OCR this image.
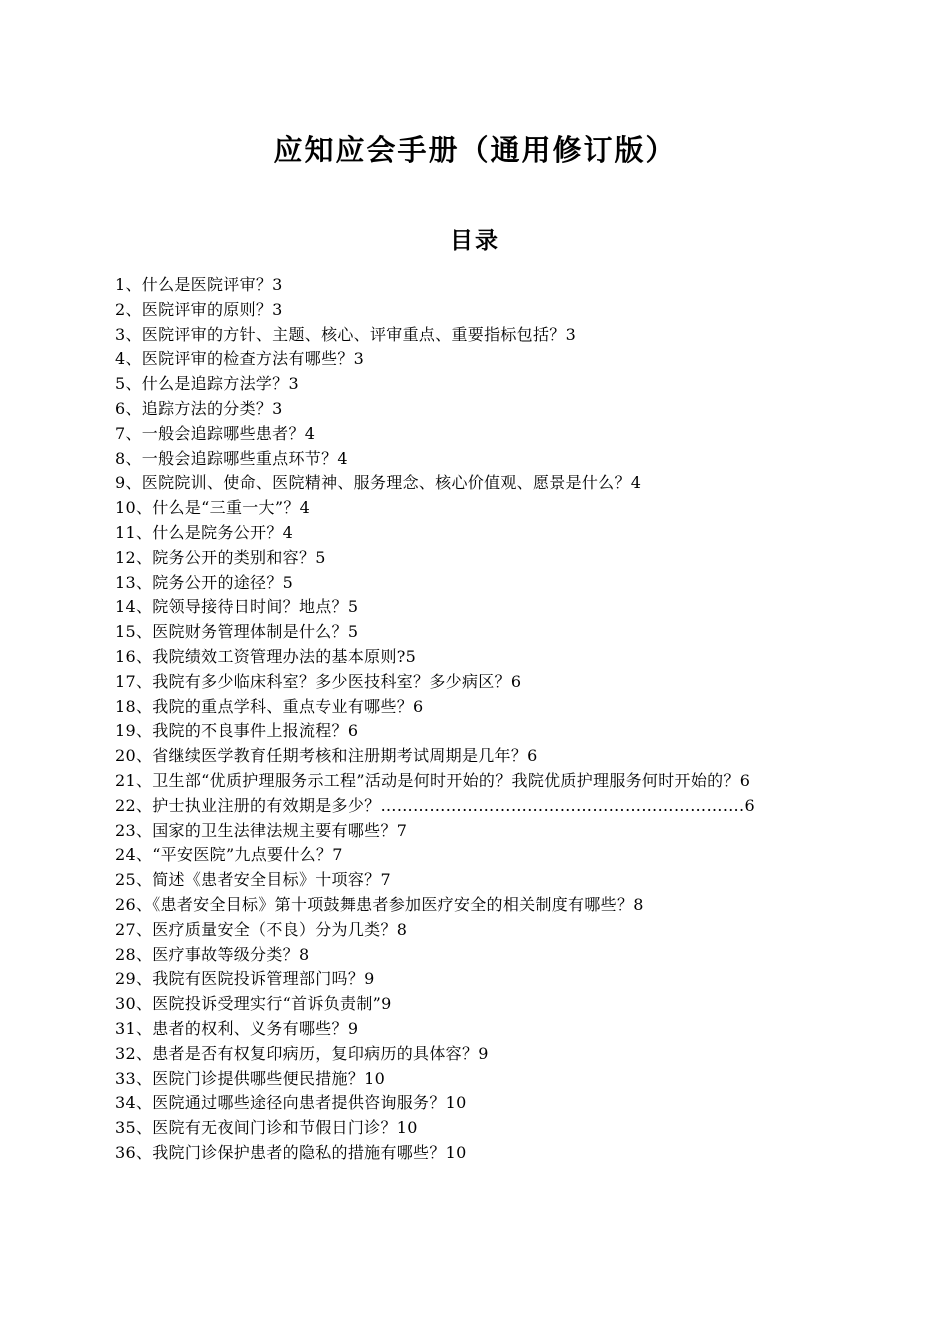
应知应会手册（通用修订版）
目录
1、什么是医院评审？3
2、医院评审的原则？3
3、医院评审的方针、主题、核心、评审重点、重要指标包括？3
4、医院评审的检查方法有哪些？3
5、什么是追踪方法学？3
6、追踪方法的分类？3
7、一般会追踪哪些患者？4
8、一般会追踪哪些重点环节？4
9、医院院训、使命、医院精神、服务理念、核心价值观、愿景是什么？4
10、什么是“三重一大”？4
11、什么是院务公开？4
12、院务公开的类别和容？5
13、院务公开的途径？5
14、院领导接待日时间？地点？5
15、医院财务管理体制是什么？5
16、我院绩效工资管理办法的基本原则?5
17、我院有多少临床科室？多少医技科室？多少病区？6
18、我院的重点学科、重点专业有哪些？6
19、我院的不良事件上报流程？6
20、省继续医学教育任期考核和注册期考试周期是几年？6
21、卫生部“优质护理服务示工程”活动是何时开始的？我院优质护理服务何时开始的？6
22、护士执业注册的有效期是多少？………………………………………………………….6
23、国家的卫生法律法规主要有哪些？7
24、“平安医院”九点要什么？7
25、简述《患者安全目标》十项容？7
26、《患者安全目标》第十项鼓舞患者参加医疗安全的相关制度有哪些？8
27、医疗质量安全（不良）分为几类？8
28、医疗事故等级分类？8
29、我院有医院投诉管理部门吗？9
30、医院投诉受理实行“首诉负责制”9
31、患者的权利、义务有哪些？9
32、患者是否有权复印病历，复印病历的具体容？9
33、医院门诊提供哪些便民措施？10
34、医院通过哪些途径向患者提供咨询服务？10
35、医院有无夜间门诊和节假日门诊？10
36、我院门诊保护患者的隐私的措施有哪些？10
